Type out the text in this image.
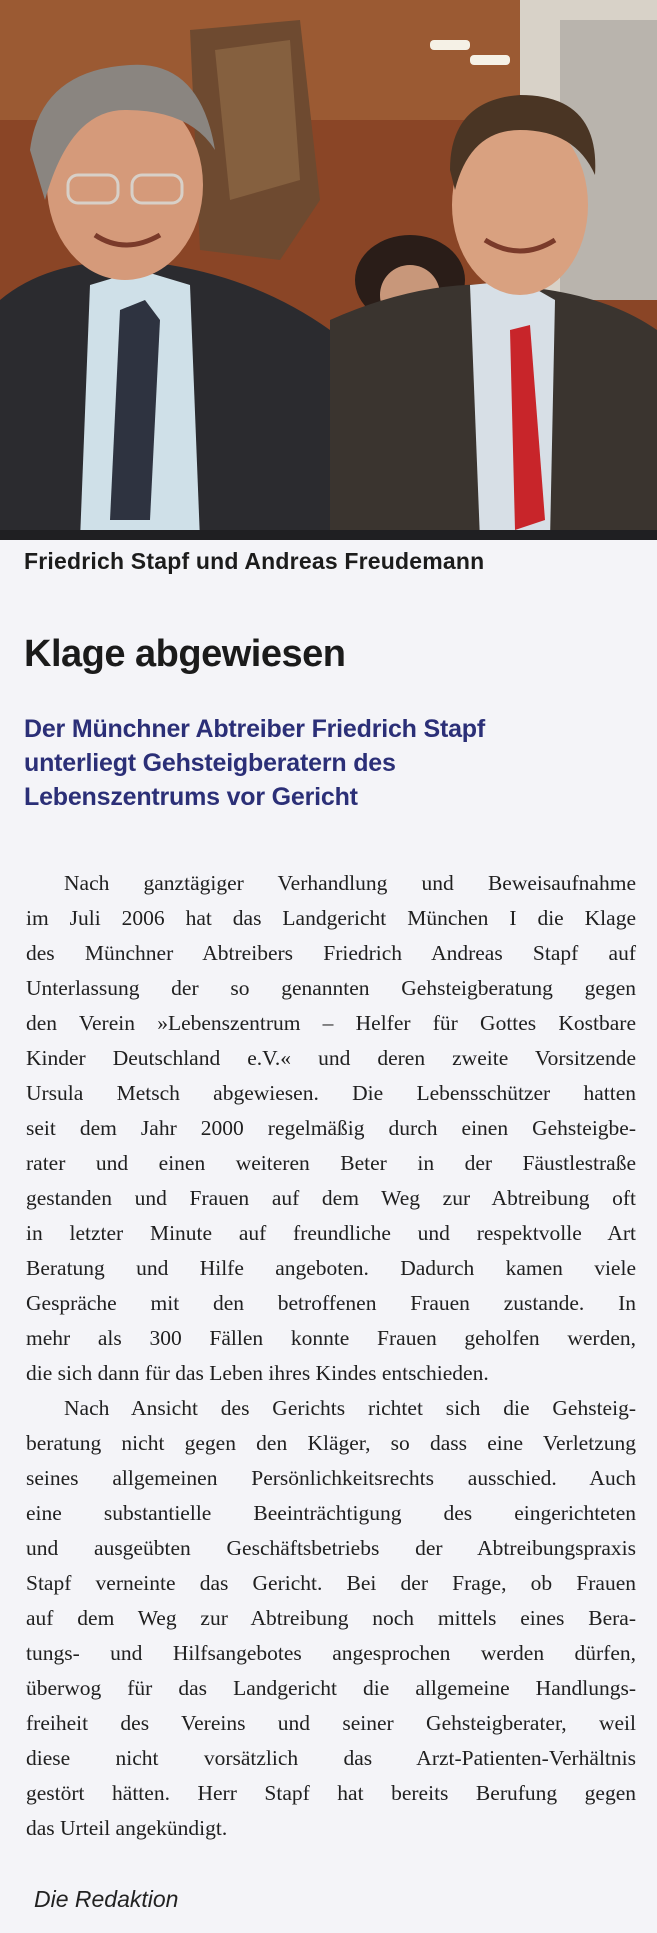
Friedrich Stapf und Andreas Freudemann
Klage abgewiesen
Der Münchner Abtreiber Friedrich Stapf
unterliegt Gehsteigberatern des
Lebenszentrums vor Gericht
Nach ganztägiger Verhandlung und Beweisaufnahme
im Juli 2006 hat das Landgericht München I die Klage
des Münchner Abtreibers Friedrich Andreas Stapf auf
Unterlassung der so genannten Gehsteigberatung gegen
den Verein »Lebenszentrum – Helfer für Gottes Kostbare
Kinder Deutschland e.V.« und deren zweite Vorsitzende
Ursula Metsch abgewiesen. Die Lebensschützer hatten
seit dem Jahr 2000 regelmäßig durch einen Gehsteigbe-
rater und einen weiteren Beter in der Fäustlestraße
gestanden und Frauen auf dem Weg zur Abtreibung oft
in letzter Minute auf freundliche und respektvolle Art
Beratung und Hilfe angeboten. Dadurch kamen viele
Gespräche mit den betroffenen Frauen zustande. In
mehr als 300 Fällen konnte Frauen geholfen werden,
die sich dann für das Leben ihres Kindes entschieden.
Nach Ansicht des Gerichts richtet sich die Gehsteig-
beratung nicht gegen den Kläger, so dass eine Verletzung
seines allgemeinen Persönlichkeitsrechts ausschied. Auch
eine substantielle Beeinträchtigung des eingerichteten
und ausgeübten Geschäftsbetriebs der Abtreibungspraxis
Stapf verneinte das Gericht. Bei der Frage, ob Frauen
auf dem Weg zur Abtreibung noch mittels eines Bera-
tungs- und Hilfsangebotes angesprochen werden dürfen,
überwog für das Landgericht die allgemeine Handlungs-
freiheit des Vereins und seiner Gehsteigberater, weil
diese nicht vorsätzlich das Arzt-Patienten-Verhältnis
gestört hätten. Herr Stapf hat bereits Berufung gegen
das Urteil angekündigt.
Die Redaktion
